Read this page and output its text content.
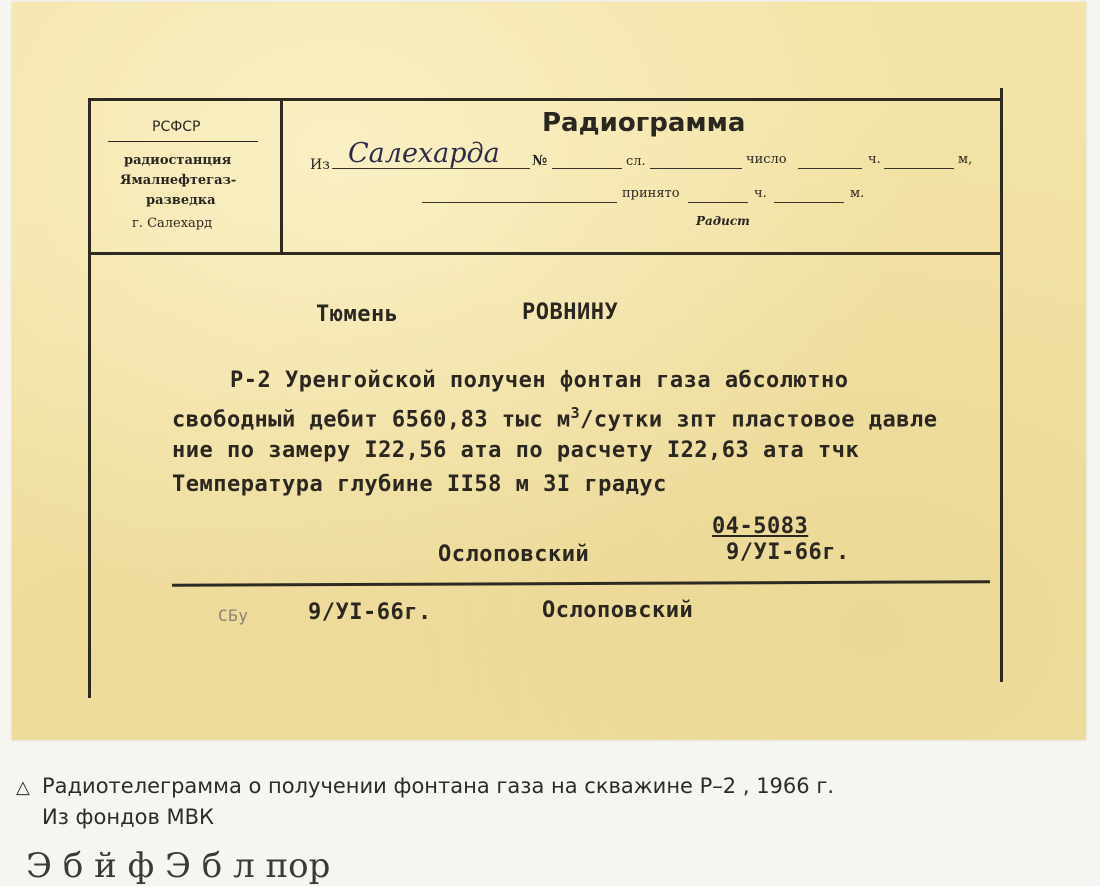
РСФСР
радиостанция
Ямалнефтегаз-
разведка
г. Салехард
Радиограмма
Из Салехарда №	сл.	число	ч.	м,
принято	ч.	м.
Радист
Тюмень	РОВНИНУ
Р-2 Уренгойской получен фонтан газа абсолютно
свободный дебит 6560,83 тыс $м^3$/сутки зпт пластовое давле
ние по замеру I22,56 ата по расчету I22,63 ата тчк
Температура глубине II58 м 3I градус
04-5083
Ослоповский	9/УI-66г.
СБу	9/УI-66г.	Ослоповский
△ Радиотелеграмма о получении фонтана газа на скважине Р–2 , 1966 г.
Из фондов МВК
Э б й ф Э б л пор
